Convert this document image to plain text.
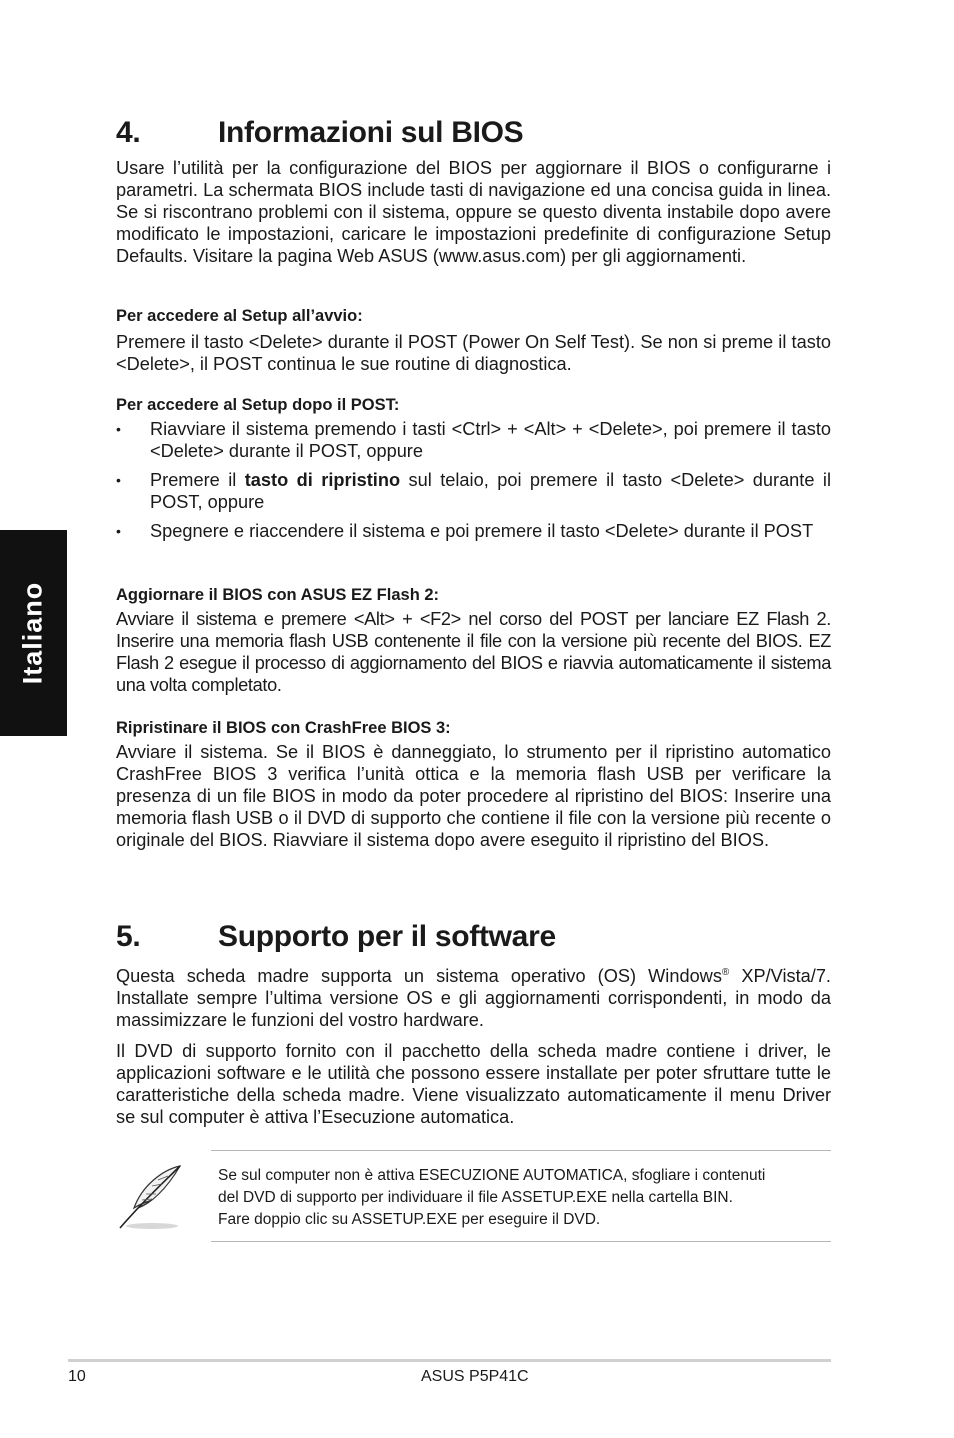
Italiano
4.	Informazioni sul BIOS

Usare l’utilità per la configurazione del BIOS per aggiornare il BIOS o configurarne i parametri. La schermata BIOS include tasti di navigazione ed una concisa guida in linea. Se si riscontrano problemi con il sistema, oppure se questo diventa instabile dopo avere modificato le impostazioni, caricare le impostazioni predefinite di configurazione Setup Defaults. Visitare la pagina Web ASUS (www.asus.com) per gli aggiornamenti.

Per accedere al Setup all’avvio:

Premere il tasto <Delete> durante il POST (Power On Self Test). Se non si preme il tasto <Delete>, il POST continua le sue routine di diagnostica.

Per accedere al Setup dopo il POST:
• Riavviare il sistema premendo i tasti <Ctrl> + <Alt> + <Delete>, poi premere il tasto <Delete> durante il POST, oppure
• Premere il tasto di ripristino sul telaio, poi premere il tasto <Delete> durante il POST, oppure
• Spegnere e riaccendere il sistema e poi premere il tasto <Delete> durante il POST
Aggiornare il BIOS con ASUS EZ Flash 2:

Avviare il sistema e premere <Alt> + <F2> nel corso del POST per lanciare EZ Flash 2. Inserire una memoria flash USB contenente il file con la versione più recente del BIOS. EZ Flash 2 esegue il processo di aggiornamento del BIOS e riavvia automaticamente il sistema una volta completato.

Ripristinare il BIOS con CrashFree BIOS 3:

Avviare il sistema. Se il BIOS è danneggiato, lo strumento per il ripristino automatico CrashFree BIOS 3 verifica l’unità ottica e la memoria flash USB per verificare la presenza di un file BIOS in modo da poter procedere al ripristino del BIOS: Inserire una memoria flash USB o il DVD di supporto che contiene il file con la versione più recente o originale del BIOS. Riavviare il sistema dopo avere eseguito il ripristino del BIOS.

5.	Supporto per il software

Questa scheda madre supporta un sistema operativo (OS) Windows® XP/Vista/7. Installate sempre l’ultima versione OS e gli aggiornamenti corrispondenti, in modo da massimizzare le funzioni del vostro hardware.

Il DVD di supporto fornito con il pacchetto della scheda madre contiene i driver, le applicazioni software e le utilità che possono essere installate per poter sfruttare tutte le caratteristiche della scheda madre. Viene visualizzato automaticamente il menu Driver se sul computer è attiva l’Esecuzione automatica.

Se sul computer non è attiva ESECUZIONE AUTOMATICA, sfogliare i contenuti
del DVD di supporto per individuare il file ASSETUP.EXE nella cartella BIN.
Fare doppio clic su ASSETUP.EXE per eseguire il DVD.
10	ASUS P5P41C
